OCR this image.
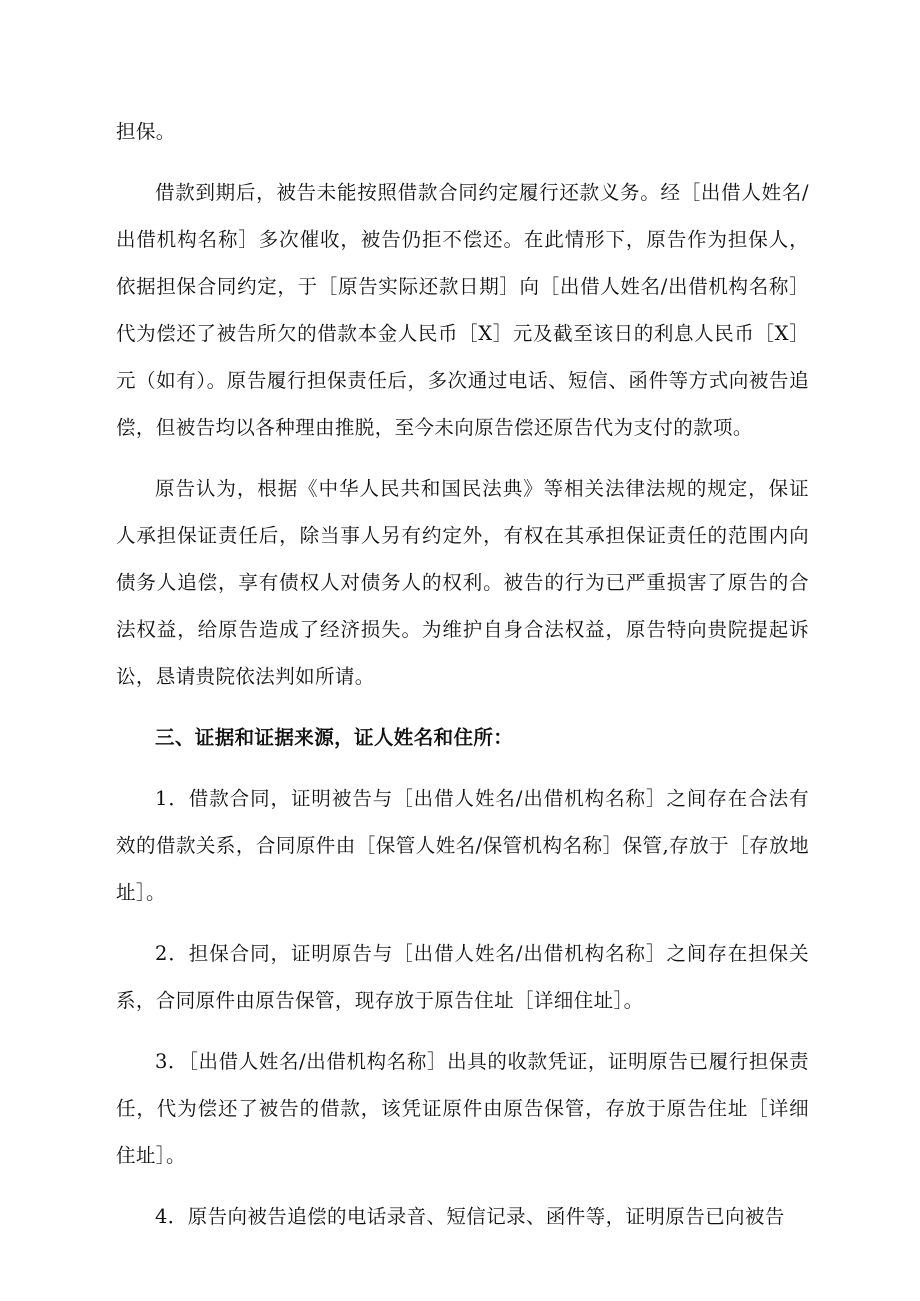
担保。

借款到期后，被告未能按照借款合同约定履行还款义务。经［出借人姓名/出借机构名称］多次催收，被告仍拒不偿还。在此情形下，原告作为担保人，依据担保合同约定，于［原告实际还款日期］向［出借人姓名/出借机构名称］代为偿还了被告所欠的借款本金人民币［X］元及截至该日的利息人民币［X］元（如有）。原告履行担保责任后，多次通过电话、短信、函件等方式向被告追偿，但被告均以各种理由推脱，至今未向原告偿还原告代为支付的款项。

原告认为，根据《中华人民共和国民法典》等相关法律法规的规定，保证人承担保证责任后，除当事人另有约定外，有权在其承担保证责任的范围内向债务人追偿，享有债权人对债务人的权利。被告的行为已严重损害了原告的合法权益，给原告造成了经济损失。为维护自身合法权益，原告特向贵院提起诉讼，恳请贵院依法判如所请。

三、证据和证据来源，证人姓名和住所：

1．借款合同，证明被告与［出借人姓名/出借机构名称］之间存在合法有效的借款关系，合同原件由［保管人姓名/保管机构名称］保管,存放于［存放地址］。

2．担保合同，证明原告与［出借人姓名/出借机构名称］之间存在担保关系，合同原件由原告保管，现存放于原告住址［详细住址］。

3．［出借人姓名/出借机构名称］出具的收款凭证，证明原告已履行担保责任，代为偿还了被告的借款，该凭证原件由原告保管，存放于原告住址［详细住址］。

4．原告向被告追偿的电话录音、短信记录、函件等，证明原告已向被告
